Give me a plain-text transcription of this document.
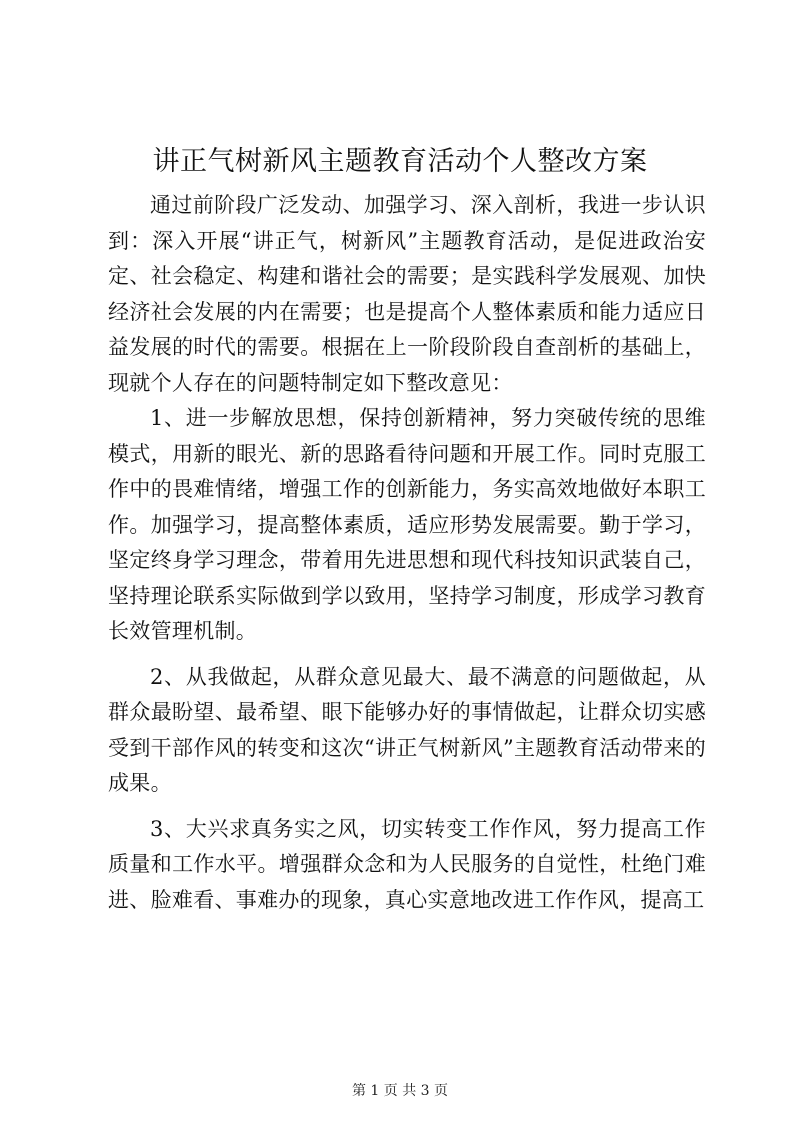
讲正气树新风主题教育活动个人整改方案

通过前阶段广泛发动、加强学习、深入剖析，我进一步认识到：深入开展“讲正气，树新风”主题教育活动，是促进政治安定、社会稳定、构建和谐社会的需要；是实践科学发展观、加快经济社会发展的内在需要；也是提高个人整体素质和能力适应日益发展的时代的需要。根据在上一阶段阶段自查剖析的基础上，现就个人存在的问题特制定如下整改意见：

1、进一步解放思想，保持创新精神，努力突破传统的思维模式，用新的眼光、新的思路看待问题和开展工作。同时克服工作中的畏难情绪，增强工作的创新能力，务实高效地做好本职工作。加强学习，提高整体素质，适应形势发展需要。勤于学习，坚定终身学习理念，带着用先进思想和现代科技知识武装自己，坚持理论联系实际做到学以致用，坚持学习制度，形成学习教育长效管理机制。

2、从我做起，从群众意见最大、最不满意的问题做起，从群众最盼望、最希望、眼下能够办好的事情做起，让群众切实感受到干部作风的转变和这次“讲正气树新风”主题教育活动带来的成果。

3、大兴求真务实之风，切实转变工作作风，努力提高工作质量和工作水平。增强群众念和为人民服务的自觉性，杜绝门难进、脸难看、事难办的现象，真心实意地改进工作作风，提高工

第 1 页 共 3 页
